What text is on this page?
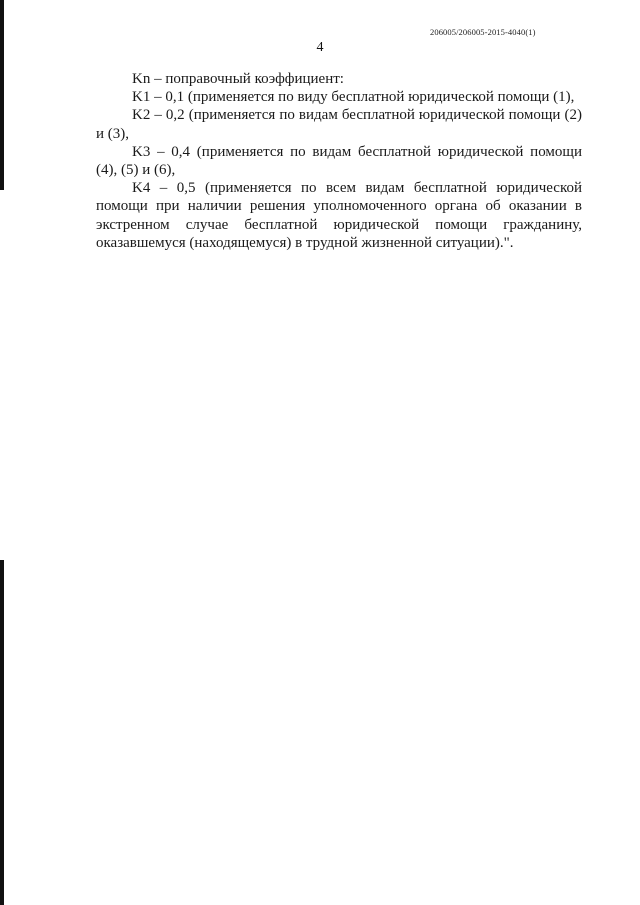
206005/206005-2015-4040(1)
4

Kn – поправочный коэффициент:

K1 – 0,1 (применяется по виду бесплатной юридической помощи (1),

K2 – 0,2 (применяется по видам бесплатной юридической помощи (2) и (3),

K3 – 0,4 (применяется по видам бесплатной юридической помощи (4), (5) и (6),

K4 – 0,5 (применяется по всем видам бесплатной юридической помощи при наличии решения уполномоченного органа об оказании в экстренном случае бесплатной юридической помощи гражданину, оказавшемуся (находящемуся) в трудной жизненной ситуации).".
